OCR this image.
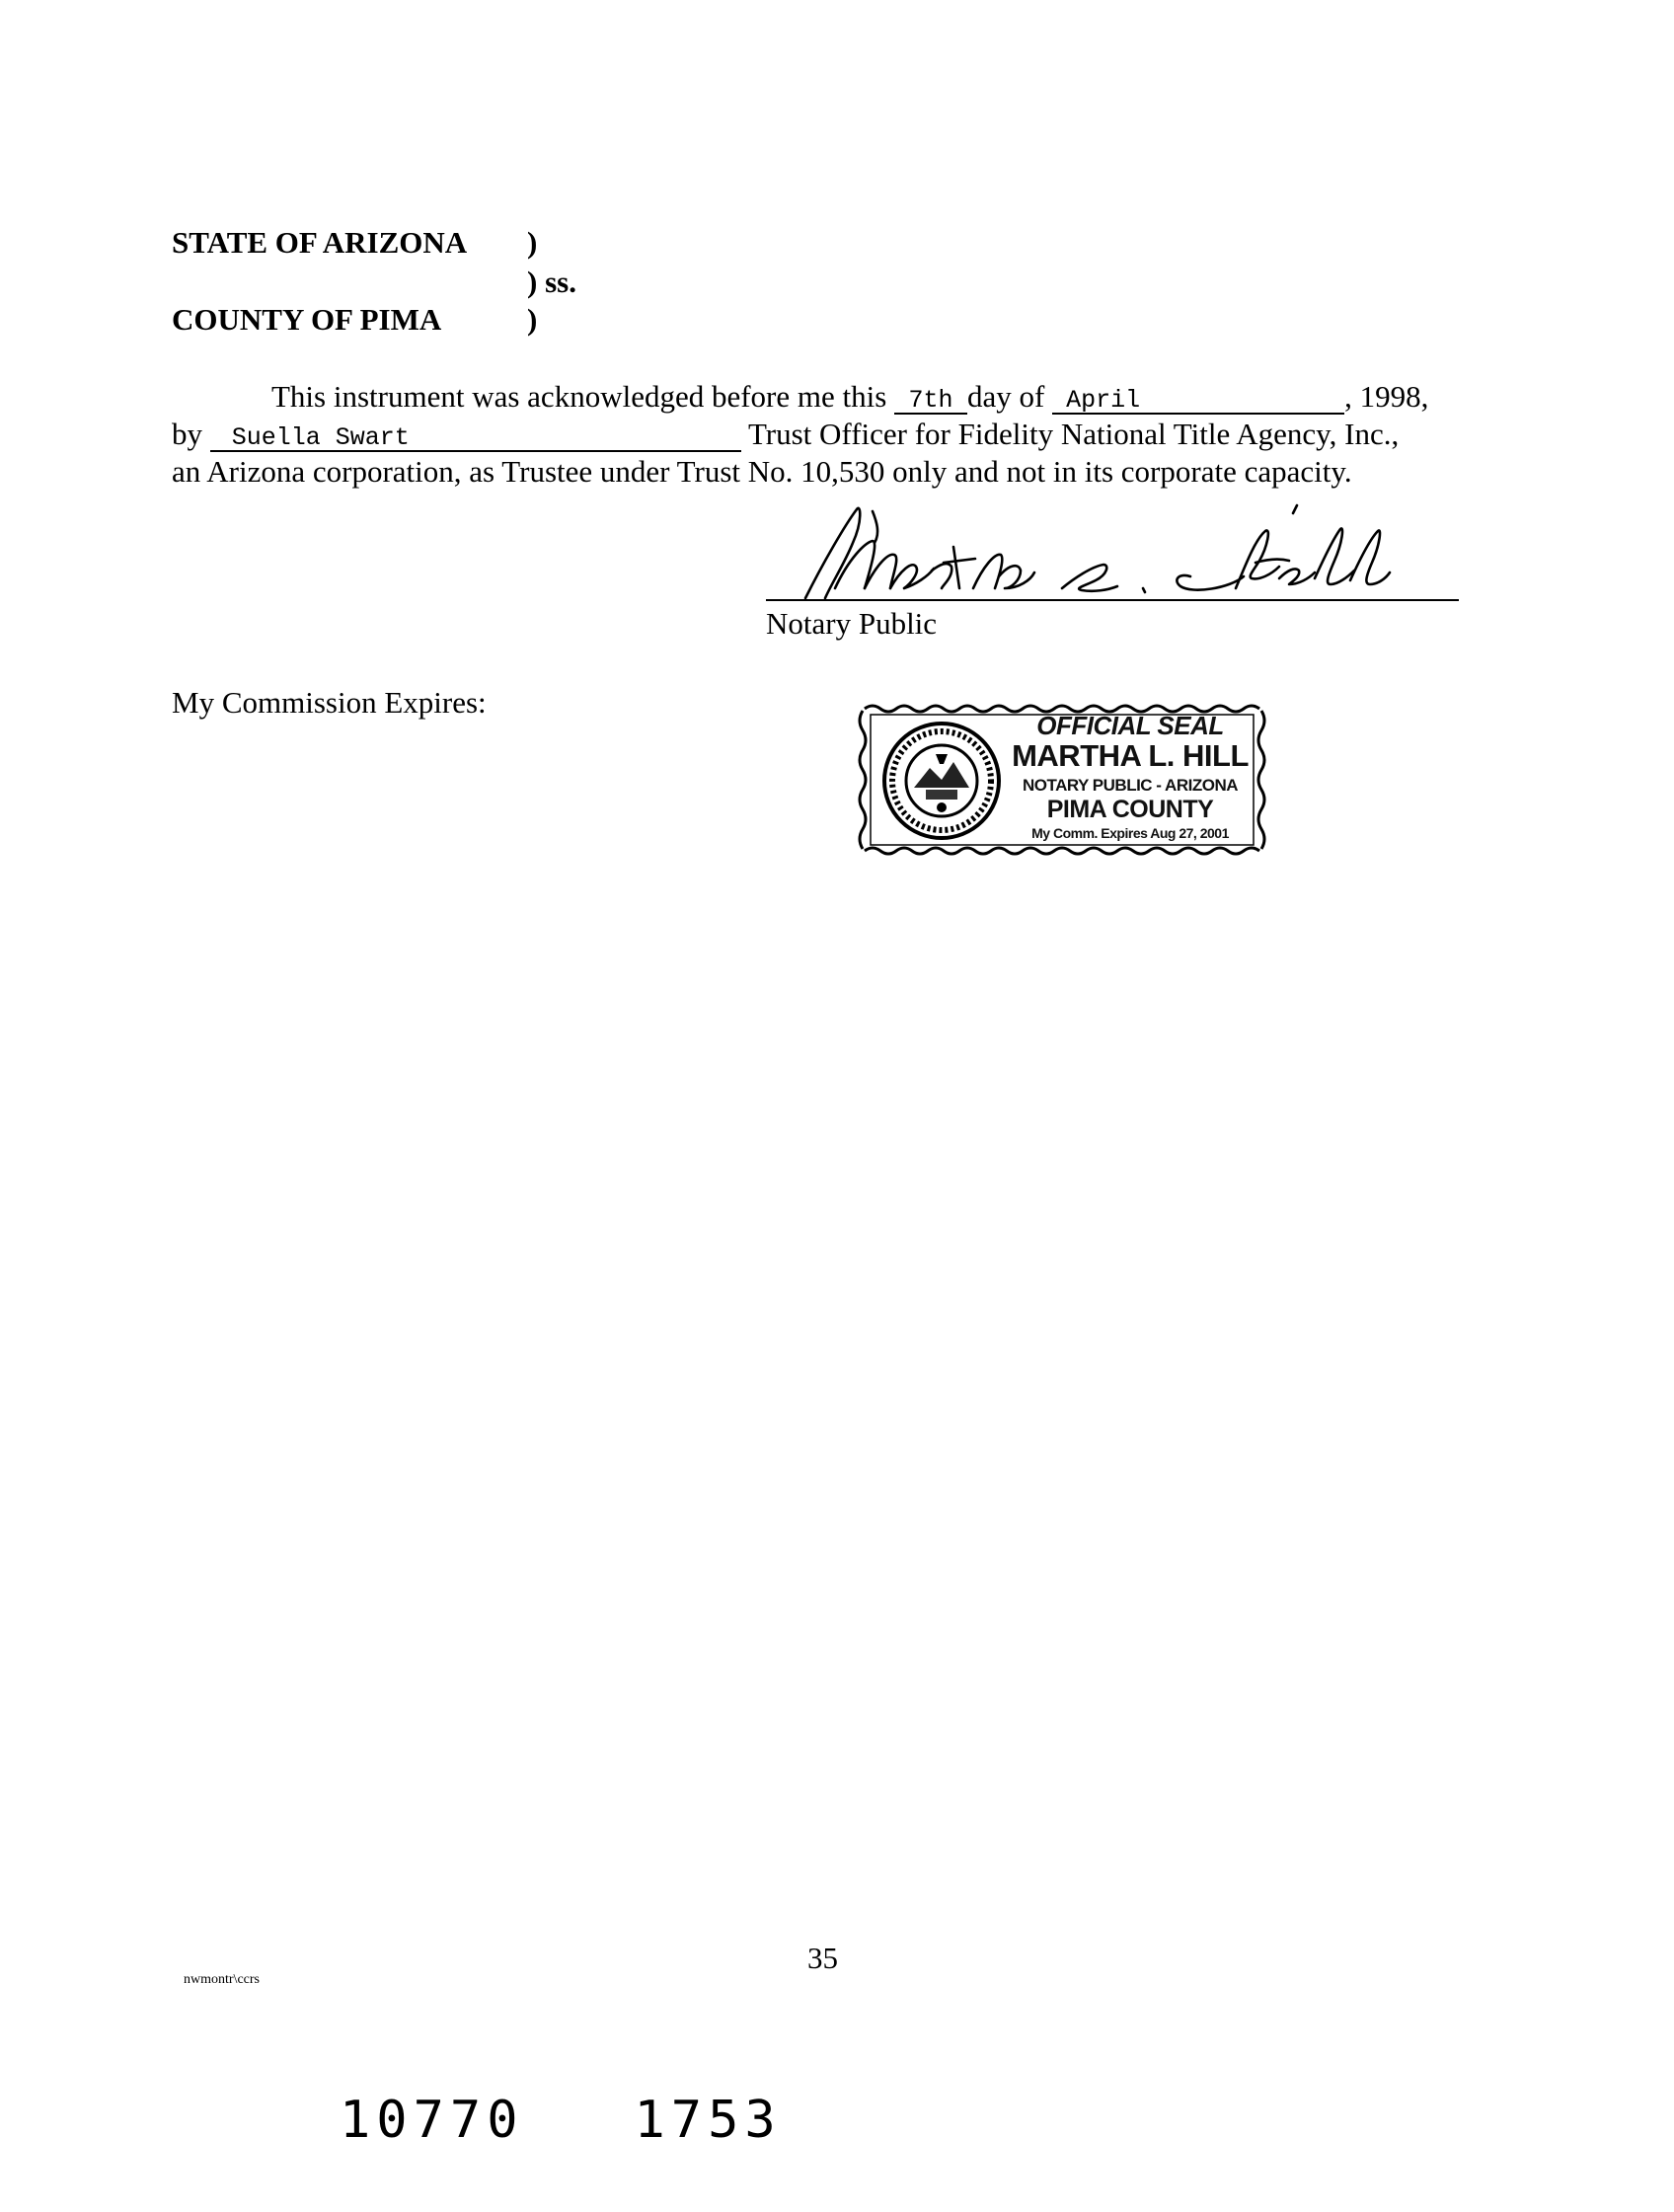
STATE OF ARIZONA )
) ss.
COUNTY OF PIMA	)
This instrument was acknowledged before me this 7th day of April	, 1998,
by Suella Swart	Trust Officer for Fidelity National Title Agency, Inc.,
an Arizona corporation, as Trustee under Trust No. 10,530 only and not in its corporate capacity.
Notary Public
My Commission Expires:
OFFICIAL SEAL
MARTHA L. HILL
NOTARY PUBLIC - ARIZONA
PIMA COUNTY
My Comm. Expires Aug 27, 2001
nwmontr\ccrs
35
10770   1753
